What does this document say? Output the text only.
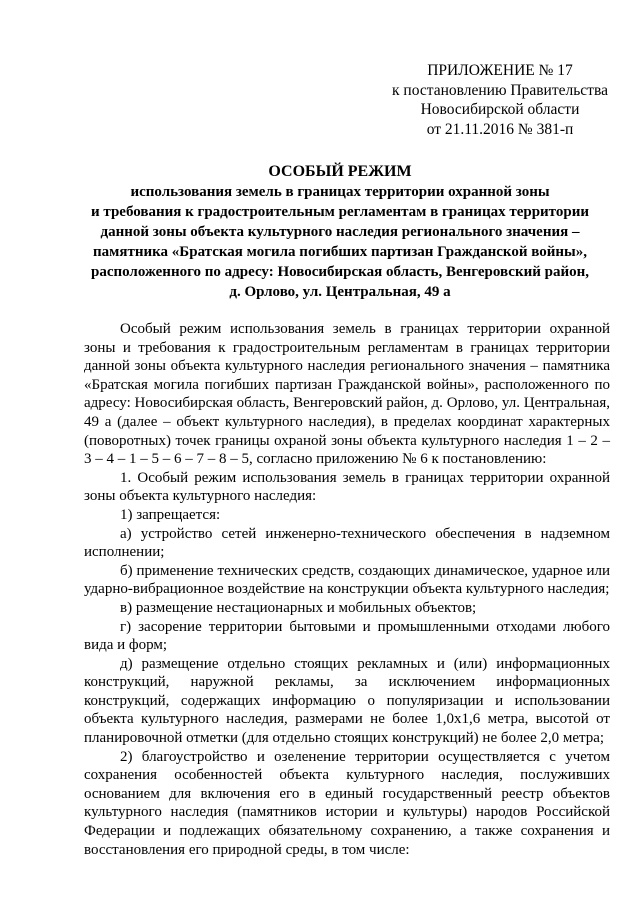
ПРИЛОЖЕНИЕ № 17
к постановлению Правительства
Новосибирской области
от 21.11.2016 № 381-п
ОСОБЫЙ РЕЖИМ
использования земель в границах территории охранной зоны
и требования к градостроительным регламентам в границах территории
данной зоны объекта культурного наследия регионального значения –
памятника «Братская могила погибших партизан Гражданской войны»,
расположенного по адресу: Новосибирская область, Венгеровский район,
д. Орлово, ул. Центральная, 49 а

Особый режим использования земель в границах территории охранной зоны и требования к градостроительным регламентам в границах территории данной зоны объекта культурного наследия регионального значения – памятника «Братская могила погибших партизан Гражданской войны», расположенного по адресу: Новосибирская область, Венгеровский район, д. Орлово, ул. Центральная, 49 а (далее – объект культурного наследия), в пределах координат характерных (поворотных) точек границы охраной зоны объекта культурного наследия 1 – 2 – 3 – 4 – 1 – 5 – 6 – 7 – 8 – 5, согласно приложению № 6 к постановлению:

1. Особый режим использования земель в границах территории охранной зоны объекта культурного наследия:

1) запрещается:

а) устройство сетей инженерно-технического обеспечения в надземном исполнении;

б) применение технических средств, создающих динамическое, ударное или ударно-вибрационное воздействие на конструкции объекта культурного наследия;

в) размещение нестационарных и мобильных объектов;

г) засорение территории бытовыми и промышленными отходами любого вида и форм;

д) размещение отдельно стоящих рекламных и (или) информационных конструкций, наружной рекламы, за исключением информационных конструкций, содержащих информацию о популяризации и использовании объекта культурного наследия, размерами не более 1,0х1,6 метра, высотой от планировочной отметки (для отдельно стоящих конструкций) не более 2,0 метра;

2) благоустройство и озеленение территории осуществляется с учетом сохранения особенностей объекта культурного наследия, послуживших основанием для включения его в единый государственный реестр объектов культурного наследия (памятников истории и культуры) народов Российской Федерации и подлежащих обязательному сохранению, а также сохранения и восстановления его природной среды, в том числе:
